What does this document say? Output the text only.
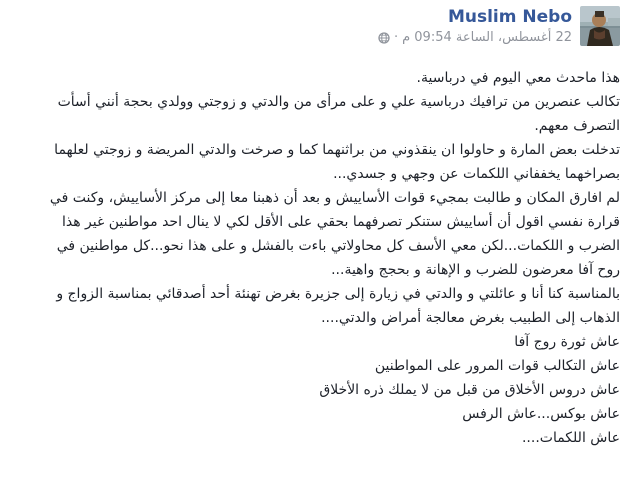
Muslim Nebo
22 أغسطس، الساعة 09:54 م
·
هذا ماحدث معي اليوم في درباسية.
تكالب عنصرين من ترافيك درباسية علي و على مرأى من والدتي و زوجتي وولدي بحجة أنني أسأت
التصرف معهم.
تدخلت بعض المارة و حاولوا ان ينقذوني من براثنهما كما و صرخت والدتي المريضة و زوجتي لعلهما
بصراخهما يخففاني اللكمات عن وجهي و جسدي...
لم افارق المكان و طالبت بمجيء قوات الأساييش و بعد أن ذهبنا معا إلى مركز الأساييش، وكنت في
قرارة نفسي اقول أن أساييش ستنكر تصرفهما بحقي على الأقل لكي لا ينال احد مواطنين غير هذا
الضرب و اللكمات...لكن معي الأسف كل محاولاتي باءت بالفشل و على هذا نحو...كل مواطنين في
روح آفا معرضون للضرب و الإهانة و بحجج واهية...
بالمناسبة كنا أنا و عائلتي و والدتي في زيارة إلى جزيرة بغرض تهنئة أحد أصدقائي بمناسبة الزواج و
الذهاب إلى الطبيب بغرض معالجة أمراض والدتي....
عاش ثورة روج آفا
عاش التكالب قوات المرور على المواطنين
عاش دروس الأخلاق من قبل من لا يملك ذره الأخلاق
عاش بوكس...عاش الرفس
عاش اللكمات....
